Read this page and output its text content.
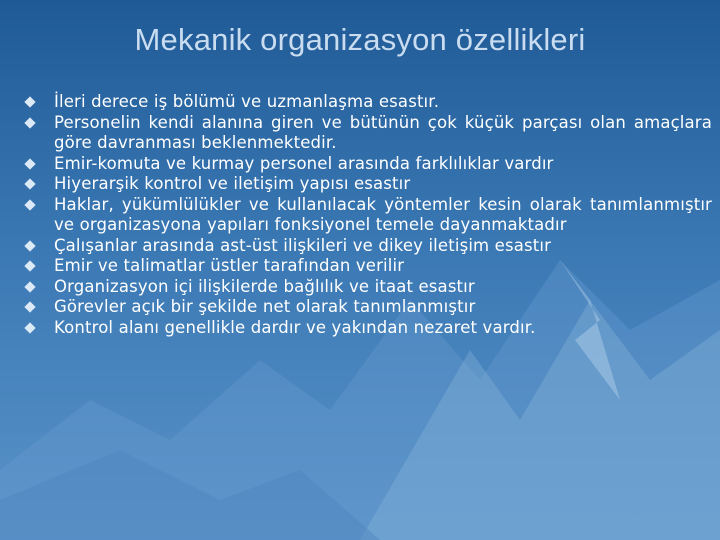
Mekanik organizasyon özellikleri
İleri derece iş bölümü ve uzmanlaşma esastır.
Personelin kendi alanına giren ve bütünün çok küçük parçası olan amaçlara göre davranması beklenmektedir.
Emir-komuta ve kurmay personel arasında farklılıklar vardır
Hiyerarşik kontrol ve iletişim yapısı esastır
Haklar, yükümlülükler ve kullanılacak yöntemler kesin olarak tanımlanmıştır ve organizasyona yapıları fonksiyonel temele dayanmaktadır
Çalışanlar arasında ast-üst ilişkileri ve dikey iletişim esastır
Emir ve talimatlar üstler tarafından verilir
Organizasyon içi ilişkilerde bağlılık ve itaat esastır
Görevler açık bir şekilde net olarak tanımlanmıştır
Kontrol alanı genellikle dardır ve yakından nezaret vardır.
